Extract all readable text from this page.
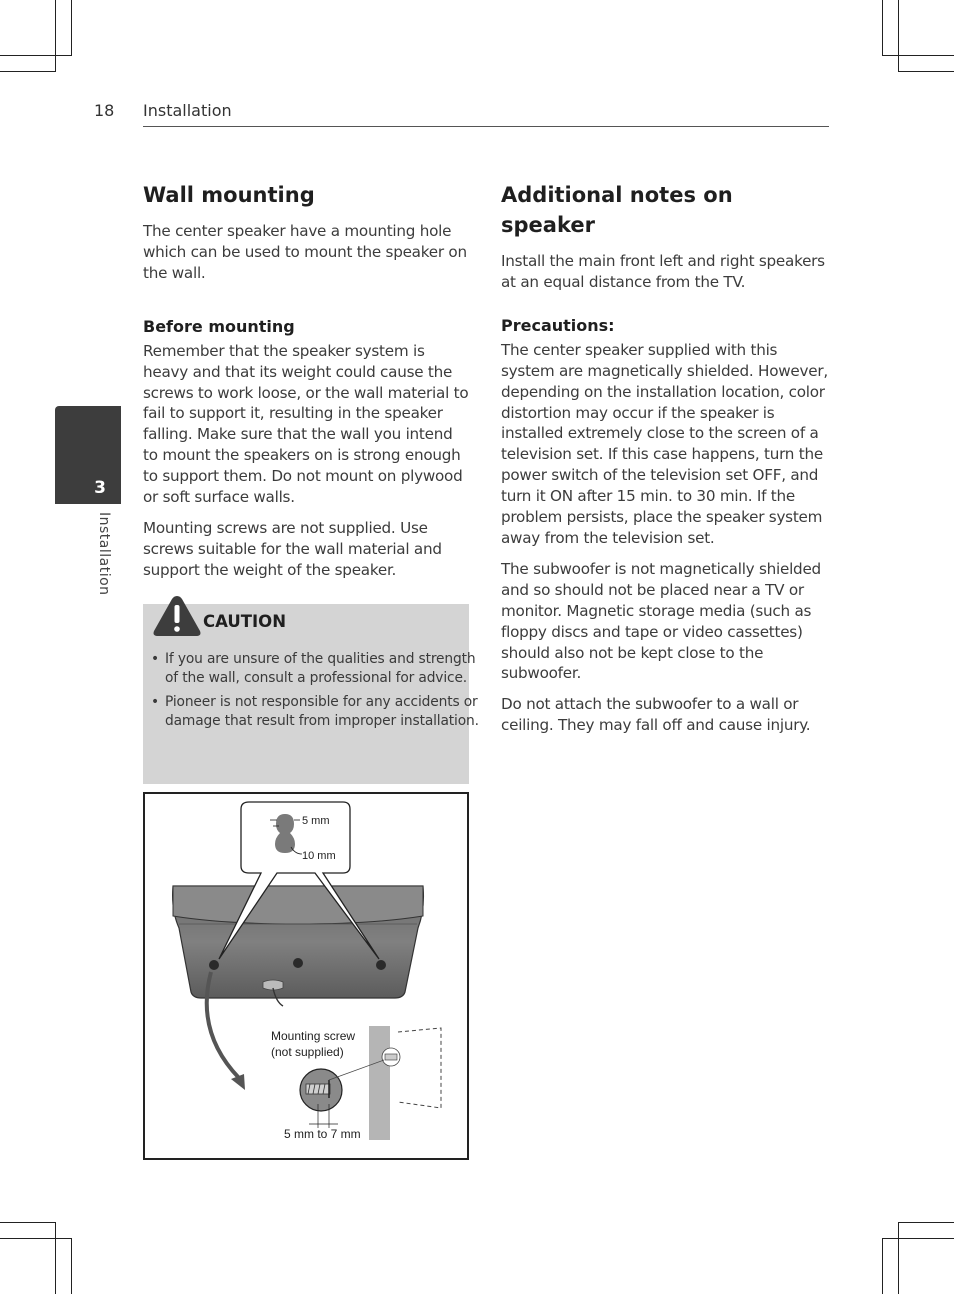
18 Installation
3
Installation
Wall mounting

The center speaker have a mounting hole which can be used to mount the speaker on the wall.

Before mounting

Remember that the speaker system is heavy and that its weight could cause the screws to work loose, or the wall material to fail to support it, resulting in the speaker falling. Make sure that the wall you intend to mount the speakers on is strong enough to support them. Do not mount on plywood or soft surface walls.

Mounting screws are not supplied. Use screws suitable for the wall material and support the weight of the speaker.

• If you are unsure of the qualities and strength of the wall, consult a professional for advice.
• Pioneer is not responsible for any accidents or damage that result from improper installation.
CAUTION
5 mm
10 mm
Mounting screw
(not supplied)
5 mm to 7 mm
Additional notes on speaker

Install the main front left and right speakers at an equal distance from the TV.

Precautions:

The center speaker supplied with this system are magnetically shielded. However, depending on the installation location, color distortion may occur if the speaker is installed extremely close to the screen of a television set. If this case happens, turn the power switch of the television set OFF, and turn it ON after 15 min. to 30 min. If the problem persists, place the speaker system away from the television set.

The subwoofer is not magnetically shielded and so should not be placed near a TV or monitor. Magnetic storage media (such as floppy discs and tape or video cassettes) should also not be kept close to the subwoofer.

Do not attach the subwoofer to a wall or ceiling. They may fall off and cause injury.
